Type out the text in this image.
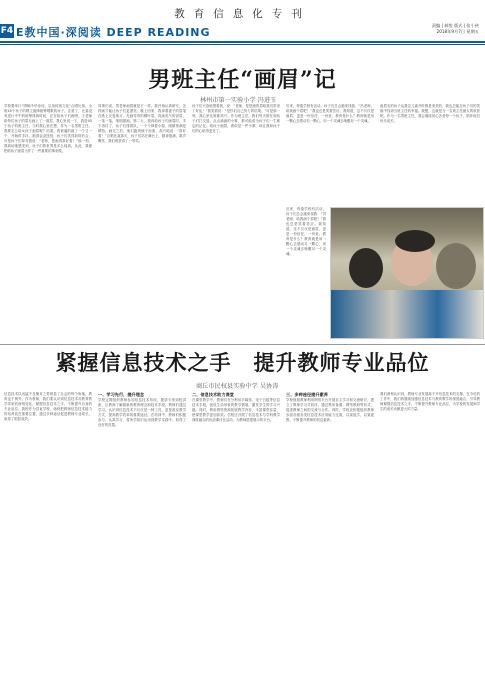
教育信息化专刊
F4 E教中国·深阅读 DEEP READING
责编 | 郝悦 版式 | 张小侠
2018年9月7日 星期五
男班主任“画眉”记
林州市第一实验小学 冯进玉
学校要举行“唱响中华诗词，弘扬传统文化”合唱比赛，全班45个孩子的唱主旋律统筹唱歌的孩子，注意了，比赛没有进行中午的统筹排练时间，正在给孩子们练唱，王老师给每位孩子的眉毛画上了一道眉，我心里说一下，我是45个孩子的班主任，当时我心里在想，作为一名男班主任，我要怎么给女孩子画眉呢？结果，我被逼的画了一个又一个，开始时手抖，画得歪歪扭扭，孩子们笑得前仰后合，可是孩子们却对我说：“老师，您画得真好看！”那一刻，我真切地感受到，孩子们的世界是多么纯真。从此，我便把给孩子画眉当作了一件重要的事来做。
同事们说，男老师画眉就是不一样。我开始认真研究，怎样画才能让孩子们更漂亮。晚上回家，我拿着妻子的眉笔在纸上反复练习，先画弯弯的柳叶眉，再画英气的剑眉，一笔一笔，细细描画。第二天，我再给孩子们画眉时，手不再抖了，孩子们排着队，一个个仰着小脸，眼睛里满是期待。画完之后，他们跑到镜子前面，高兴地说：“真好看！”合唱比赛那天，孩子们站在舞台上，精神饱满，歌声嘹亮，我们班获得了一等奖。
孩子们兴奋地围着我，说：“老师，是您画的眉给我们带来了好运！”我笑着说：“是你们自己努力的结果。”可是那一刻，我心里比谁都高兴。作为班主任，我们每天都在和孩子们打交道，点点滴滴的小事，都可能成为孩子们一生难忘的记忆。给孩子画眉，看似是一件小事，却让我和孩子们的心贴得更近了。
后来，每逢学校有活动，孩子们总会跑来找我：“冯老师，给我画个眉吧！”我也总是笑着答应。我知道，这不仅仅是画眉，更是一份信任，一份爱。教育是什么？教育就是用一颗心去感动另一颗心，用一个灵魂去唤醒另一个灵魂。
画眉毛的孩子从我这儿离开时都是美美的，我也总能在孩子们的笑脸中找到当班主任的幸福。我想，这就是当一名班主任最大的收获吧。作为一名男班主任，我会继续用心去爱每一个孩子，陪伴他们快乐成长。
后来，每逢学校有活动，孩子们总会跑来找我：“冯老师，给我画个眉吧！”我也总是笑着答应。我知道，这不仅仅是画眉，更是一份信任，一份爱。教育是什么？教育就是用一颗心去感动另一颗心，用一个灵魂去唤醒另一个灵魂。
紧握信息技术之手　提升教师专业品位
商丘市民权县实验中学 吴协涛
信息技术以迅猛不及掩耳之势席卷了社会的每个角落，教育也不例外。作为教师，我们要认识到信息技术对教育教学带来的深刻变化，紧握信息技术之手，不断提升自身的专业品位。我校作为县直学校，始终把教师信息技术能力的培养放在重要位置，通过多种途径促进教师专业成长，取得了明显成效。
一、学习先行，提升理念
学校定期组织教师参加信息技术培训，邀请专家到校讲座，让教师了解最新的教育理念和技术手段。教师们通过学习，认识到信息技术不仅仅是一种工具，更是改变教学方式、提高教学效率的重要途径。在培训中，教师们积极参与，认真学习，将所学知识运用到教学实践中，取得了良好的效果。
二、信息技术助力课堂
在课堂教学中，教师们充分利用多媒体、电子白板等信息技术手段，创设生动形象的教学情境，激发学生的学习兴趣。同时，利用网络资源拓展教学内容，丰富课堂容量，使课堂教学更加高效。学校还开展了信息技术与学科教学深度融合的优质课评比活动，为教师搭建展示的平台。
三、多种途径提升素养
学校鼓励教师利用网络平台开展自主学习和交流研讨，建立了教师学习共同体，通过集体备课、网络教研等形式，促进教师之间的交流与合作。同时，学校还积极组织教师参加各级各类信息技术应用能力比赛，以赛促学，以赛促教，不断提升教师的信息素养。
我们深刻认识到，教师专业发展离不开信息技术的支撑。在今后的工作中，我们将继续加强信息技术与教育教学的深度融合，引导教师紧握信息技术之手，不断提升教师专业品位，为学校的发展和学生的成长贡献更大的力量。
